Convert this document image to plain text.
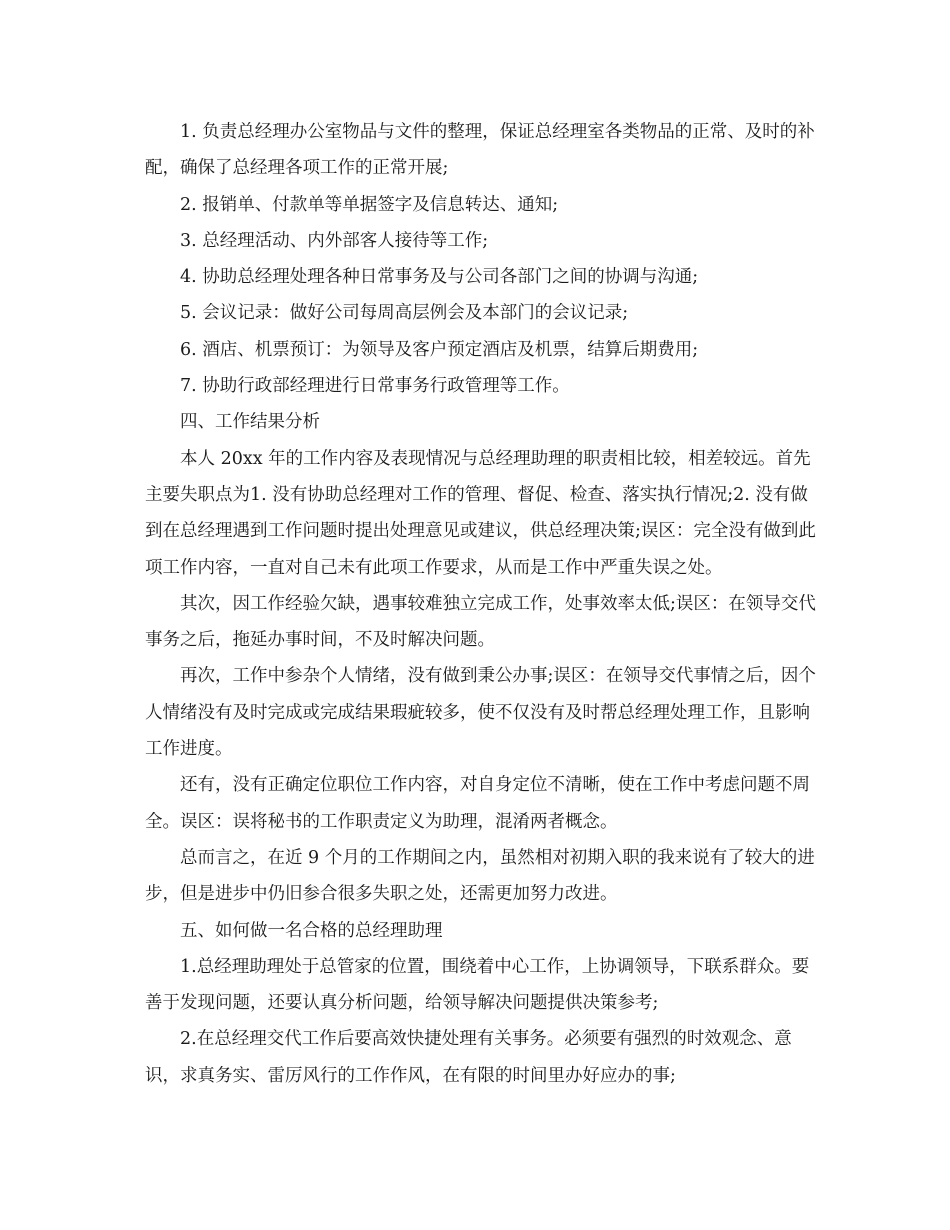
1. 负责总经理办公室物品与文件的整理，保证总经理室各类物品的正常、及时的补配，确保了总经理各项工作的正常开展;

2. 报销单、付款单等单据签字及信息转达、通知;

3. 总经理活动、内外部客人接待等工作;

4. 协助总经理处理各种日常事务及与公司各部门之间的协调与沟通;

5. 会议记录：做好公司每周高层例会及本部门的会议记录;

6. 酒店、机票预订：为领导及客户预定酒店及机票，结算后期费用;

7. 协助行政部经理进行日常事务行政管理等工作。

四、工作结果分析

本人 20xx 年的工作内容及表现情况与总经理助理的职责相比较，相差较远。首先主要失职点为1. 没有协助总经理对工作的管理、督促、检查、落实执行情况;2. 没有做到在总经理遇到工作问题时提出处理意见或建议，供总经理决策;误区：完全没有做到此项工作内容，一直对自己未有此项工作要求，从而是工作中严重失误之处。

其次，因工作经验欠缺，遇事较难独立完成工作，处事效率太低;误区：在领导交代事务之后，拖延办事时间，不及时解决问题。

再次，工作中参杂个人情绪，没有做到秉公办事;误区：在领导交代事情之后，因个人情绪没有及时完成或完成结果瑕疵较多，使不仅没有及时帮总经理处理工作，且影响工作进度。

还有，没有正确定位职位工作内容，对自身定位不清晰，使在工作中考虑问题不周全。误区：误将秘书的工作职责定义为助理，混淆两者概念。

总而言之，在近 9 个月的工作期间之内，虽然相对初期入职的我来说有了较大的进步，但是进步中仍旧参合很多失职之处，还需更加努力改进。

五、如何做一名合格的总经理助理

1.总经理助理处于总管家的位置，围绕着中心工作，上协调领导，下联系群众。要善于发现问题，还要认真分析问题，给领导解决问题提供决策参考;

2.在总经理交代工作后要高效快捷处理有关事务。必须要有强烈的时效观念、意识，求真务实、雷厉风行的工作作风，在有限的时间里办好应办的事;
